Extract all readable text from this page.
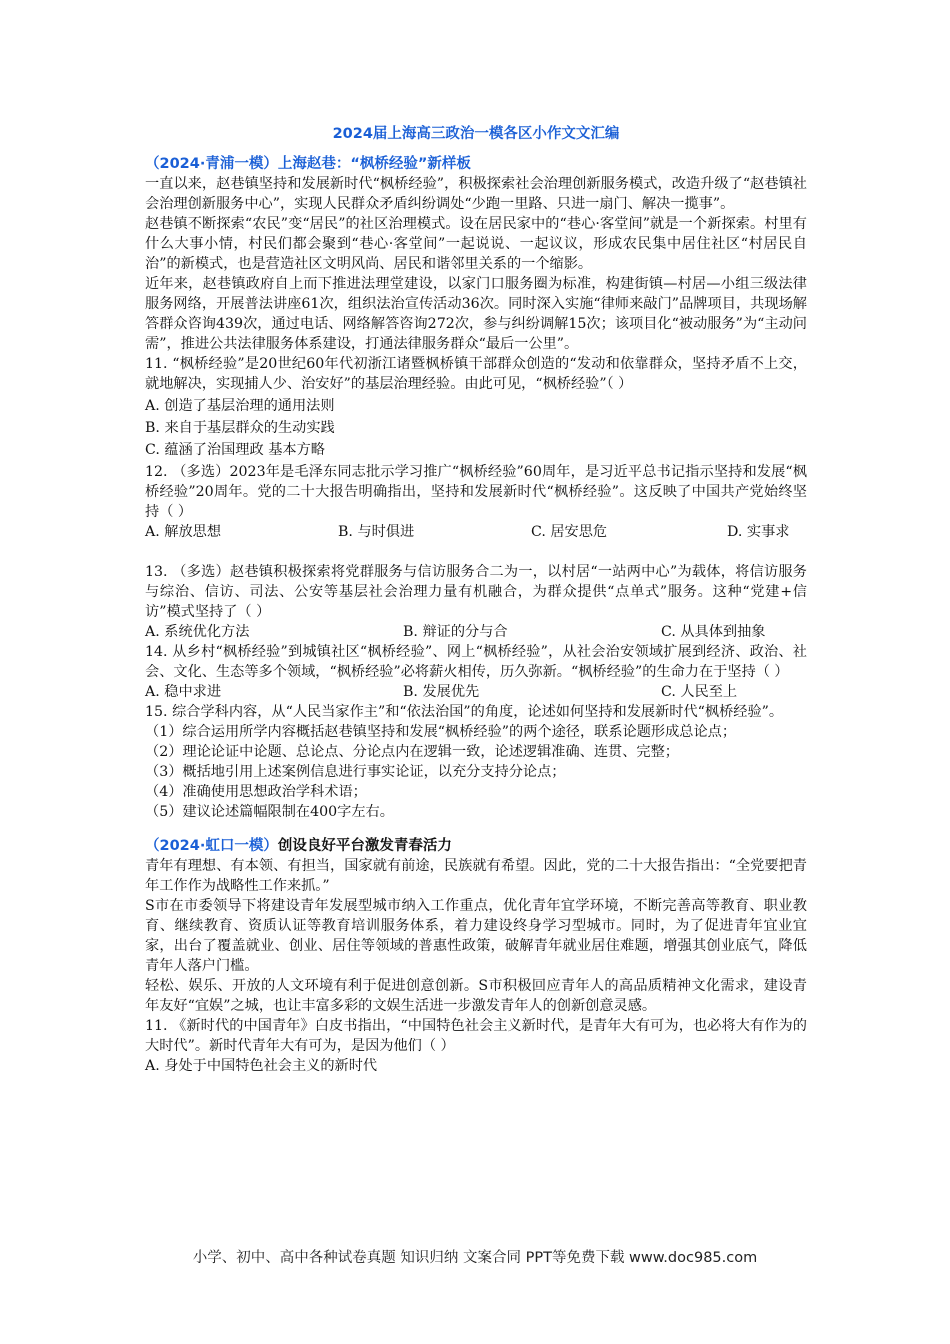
2024届上海高三政治一模各区小作文文汇编
（2024·青浦一模）上海赵巷：“枫桥经验”新样板

一直以来，赵巷镇坚持和发展新时代“枫桥经验”，积极探索社会治理创新服务模式，改造升级了“赵巷镇社会治理创新服务中心”，实现人民群众矛盾纠纷调处“少跑一里路、只进一扇门、解决一揽事”。

赵巷镇不断探索“农民”变“居民”的社区治理模式。设在居民家中的“巷心·客堂间”就是一个新探索。村里有什么大事小情，村民们都会聚到“巷心·客堂间”一起说说、一起议议，形成农民集中居住社区“村居民自治”的新模式，也是营造社区文明风尚、居民和谐邻里关系的一个缩影。

近年来，赵巷镇政府自上而下推进法理堂建设，以家门口服务圈为标准，构建街镇—村居—小组三级法律服务网络，开展普法讲座61次，组织法治宣传活动36次。同时深入实施“律师来敲门”品牌项目，共现场解答群众咨询439次，通过电话、网络解答咨询272次，参与纠纷调解15次；该项目化“被动服务”为“主动问需”，推进公共法律服务体系建设，打通法律服务群众“最后一公里”。

11. “枫桥经验”是20世纪60年代初浙江诸暨枫桥镇干部群众创造的“发动和依靠群众，坚持矛盾不上交，就地解决，实现捕人少、治安好”的基层治理经验。由此可见，“枫桥经验”（ ）

A. 创造了基层治理的通用法则

B. 来自于基层群众的生动实践

C. 蕴涵了治国理政 基本方略

12. （多选）2023年是毛泽东同志批示学习推广“枫桥经验”60周年，是习近平总书记指示坚持和发展“枫桥经验”20周年。党的二十大报告明确指出，坚持和发展新时代“枫桥经验”。这反映了中国共产党始终坚持（ ）

A. 解放思想	B. 与时俱进	C. 居安思危	D. 实事求

13. （多选）赵巷镇积极探索将党群服务与信访服务合二为一，以村居“一站两中心”为载体，将信访服务与综治、信访、司法、公安等基层社会治理力量有机融合，为群众提供“点单式”服务。这种“党建+信访”模式坚持了（ ）

A. 系统优化方法	B. 辩证的分与合	C. 从具体到抽象

14. 从乡村“枫桥经验”到城镇社区“枫桥经验”、网上“枫桥经验”，从社会治安领域扩展到经济、政治、社会、文化、生态等多个领域，“枫桥经验”必将薪火相传，历久弥新。“枫桥经验”的生命力在于坚持（ ）

A. 稳中求进	B. 发展优先	C. 人民至上

15. 综合学科内容，从“人民当家作主”和“依法治国”的角度，论述如何坚持和发展新时代“枫桥经验”。

（1）综合运用所学内容概括赵巷镇坚持和发展“枫桥经验”的两个途径，联系论题形成总论点；

（2）理论论证中论题、总论点、分论点内在逻辑一致，论述逻辑准确、连贯、完整；

（3）概括地引用上述案例信息进行事实论证，以充分支持分论点；

（4）准确使用思想政治学科术语；

（5）建议论述篇幅限制在400字左右。

（2024·虹口一模）创设良好平台激发青春活力

青年有理想、有本领、有担当，国家就有前途，民族就有希望。因此，党的二十大报告指出：“全党要把青年工作作为战略性工作来抓。”

S市在市委领导下将建设青年发展型城市纳入工作重点，优化青年宜学环境，不断完善高等教育、职业教育、继续教育、资质认证等教育培训服务体系，着力建设终身学习型城市。同时，为了促进青年宜业宜家，出台了覆盖就业、创业、居住等领域的普惠性政策，破解青年就业居住难题，增强其创业底气，降低青年人落户门槛。

轻松、娱乐、开放的人文环境有利于促进创意创新。S市积极回应青年人的高品质精神文化需求，建设青年友好“宜娱”之城，也让丰富多彩的文娱生活进一步激发青年人的创新创意灵感。

11. 《新时代的中国青年》白皮书指出，“中国特色社会主义新时代，是青年大有可为，也必将大有作为的大时代”。新时代青年大有可为，是因为他们（ ）

A. 身处于中国特色社会主义的新时代

小学、初中、高中各种试卷真题 知识归纳 文案合同 PPT等免费下载 www.doc985.com
